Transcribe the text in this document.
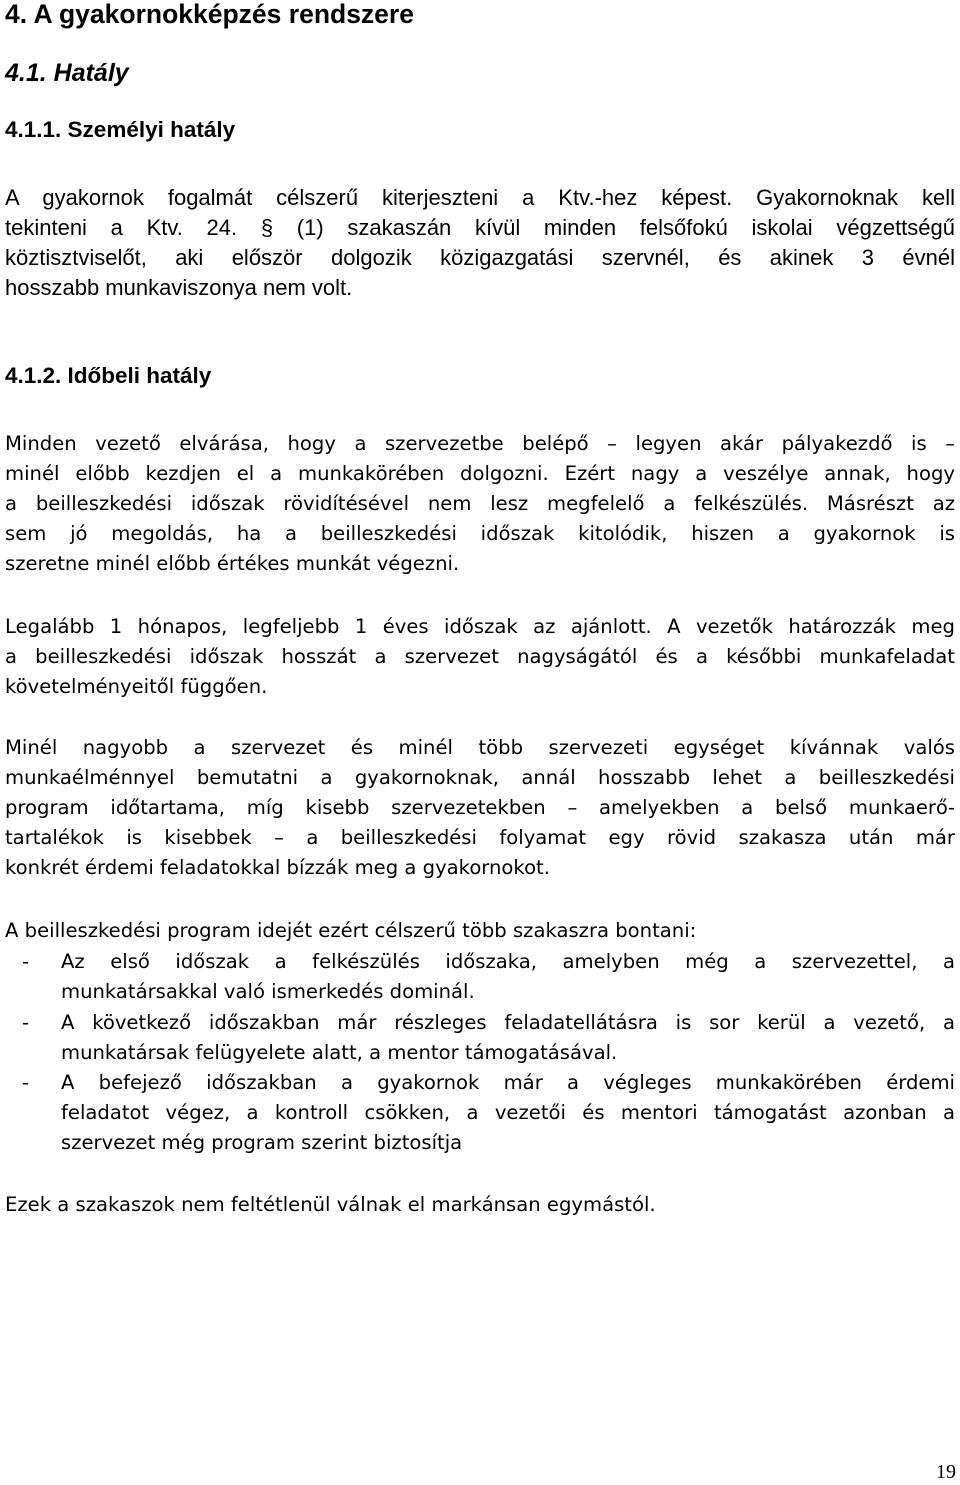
4. A gyakornokképzés rendszere
4.1. Hatály
4.1.1. Személyi hatály
A gyakornok fogalmát célszerű kiterjeszteni a Ktv.-hez képest. Gyakornoknak kell
tekinteni a Ktv. 24. § (1) szakaszán kívül minden felsőfokú iskolai végzettségű
köztisztviselőt, aki először dolgozik közigazgatási szervnél, és akinek 3 évnél
hosszabb munkaviszonya nem volt.
4.1.2. Időbeli hatály
Minden vezető elvárása, hogy a szervezetbe belépő – legyen akár pályakezdő is –
minél előbb kezdjen el a munkakörében dolgozni. Ezért nagy a veszélye annak, hogy
a beilleszkedési időszak rövidítésével nem lesz megfelelő a felkészülés. Másrészt az
sem jó megoldás, ha a beilleszkedési időszak kitolódik, hiszen a gyakornok is
szeretne minél előbb értékes munkát végezni.
Legalább 1 hónapos, legfeljebb 1 éves időszak az ajánlott. A vezetők határozzák meg
a beilleszkedési időszak hosszát a szervezet nagyságától és a későbbi munkafeladat
követelményeitől függően.
Minél nagyobb a szervezet és minél több szervezeti egységet kívánnak valós
munkaélménnyel bemutatni a gyakornoknak, annál hosszabb lehet a beilleszkedési
program időtartama, míg kisebb szervezetekben – amelyekben a belső munkaerő-
tartalékok is kisebbek – a beilleszkedési folyamat egy rövid szakasza után már
konkrét érdemi feladatokkal bízzák meg a gyakornokot.
A beilleszkedési program idejét ezért célszerű több szakaszra bontani:
- Az első időszak a felkészülés időszaka, amelyben még a szervezettel, a
munkatársakkal való ismerkedés dominál.
- A következő időszakban már részleges feladatellátásra is sor kerül a vezető, a
munkatársak felügyelete alatt, a mentor támogatásával.
- A befejező időszakban a gyakornok már a végleges munkakörében érdemi
feladatot végez, a kontroll csökken, a vezetői és mentori támogatást azonban a
szervezet még program szerint biztosítja
Ezek a szakaszok nem feltétlenül válnak el markánsan egymástól.

19
